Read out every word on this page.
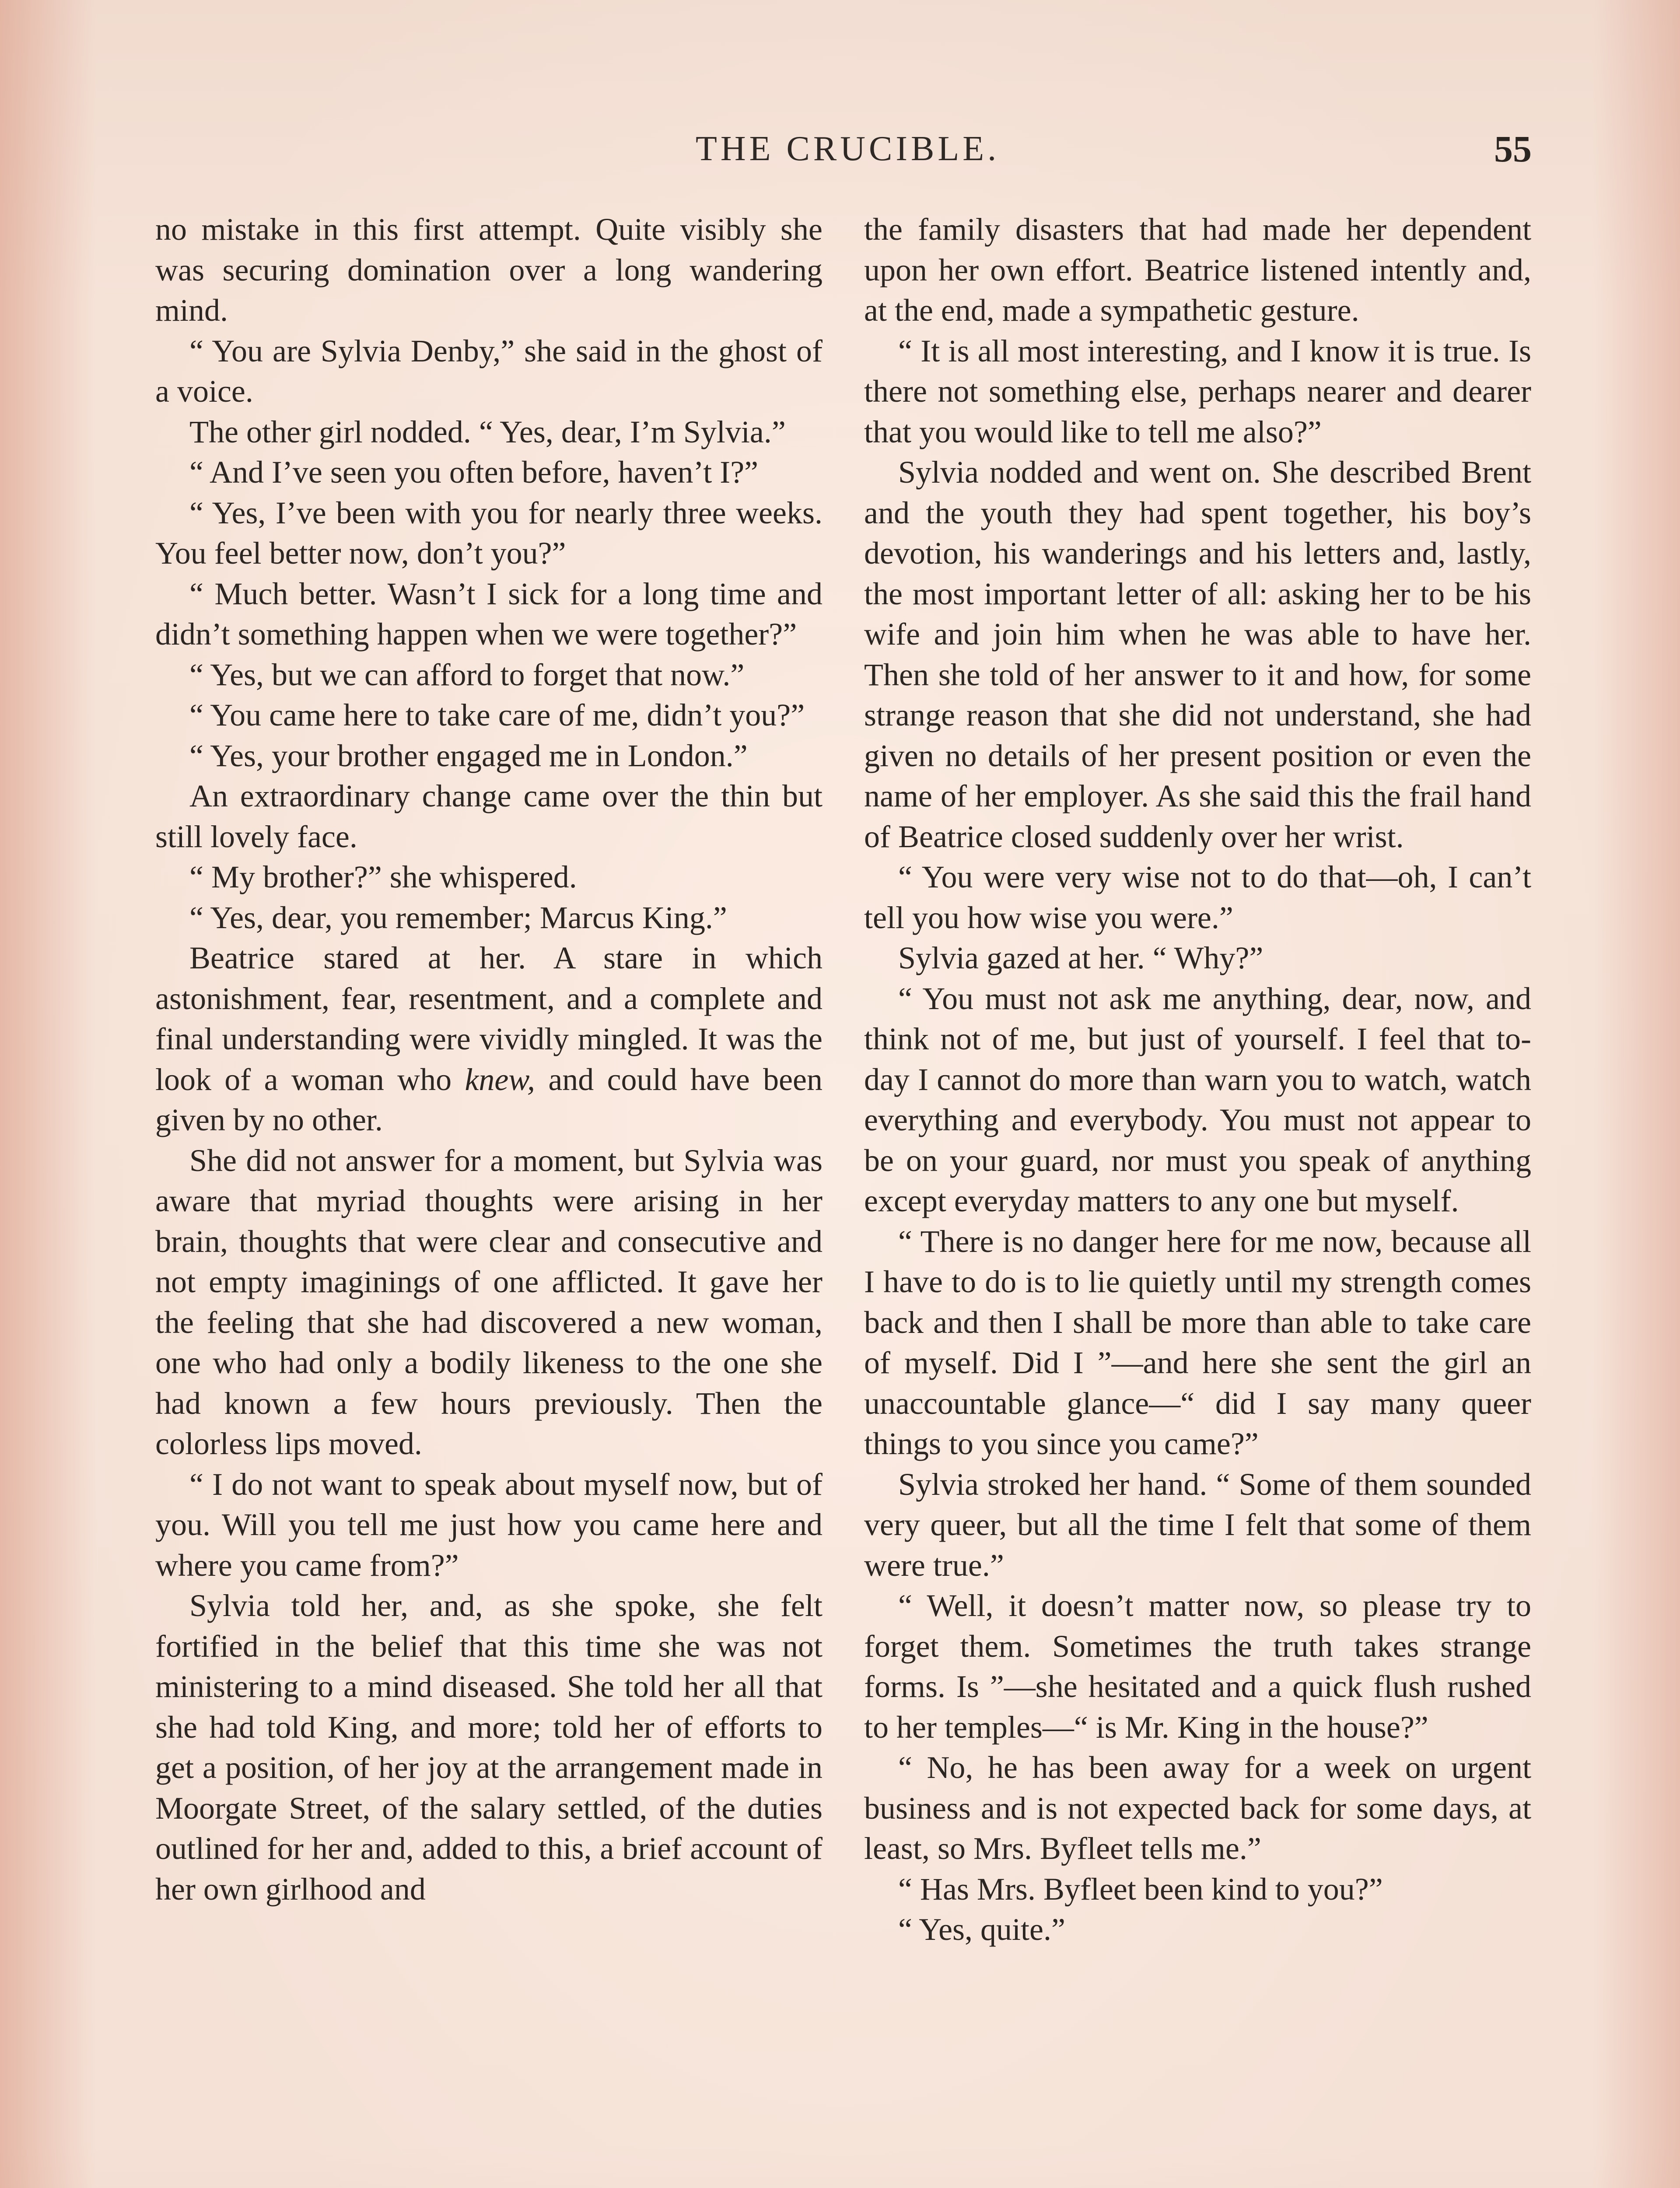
THE CRUCIBLE.	55

no mistake in this first attempt. Quite visibly she was securing domination over a long wandering mind.

“ You are Sylvia Denby,” she said in the ghost of a voice.

The other girl nodded. “ Yes, dear, I’m Sylvia.”

“ And I’ve seen you often before, haven’t I?”

“ Yes, I’ve been with you for nearly three weeks. You feel better now, don’t you?”

“ Much better. Wasn’t I sick for a long time and didn’t something happen when we were together?”

“ Yes, but we can afford to forget that now.”

“ You came here to take care of me, didn’t you?”

“ Yes, your brother engaged me in London.”

An extraordinary change came over the thin but still lovely face.

“ My brother?” she whispered.

“ Yes, dear, you remember; Marcus King.”

Beatrice stared at her. A stare in which astonishment, fear, resentment, and a complete and final understanding were vividly mingled. It was the look of a woman who knew, and could have been given by no other.

She did not answer for a moment, but Sylvia was aware that myriad thoughts were arising in her brain, thoughts that were clear and consecutive and not empty imaginings of one afflicted. It gave her the feeling that she had discovered a new woman, one who had only a bodily likeness to the one she had known a few hours previously. Then the colorless lips moved.

“ I do not want to speak about myself now, but of you. Will you tell me just how you came here and where you came from?”

Sylvia told her, and, as she spoke, she felt fortified in the belief that this time she was not ministering to a mind diseased. She told her all that she had told King, and more; told her of efforts to get a position, of her joy at the arrangement made in Moorgate Street, of the salary settled, of the duties outlined for her and, added to this, a brief account of her own girlhood and

the family disasters that had made her dependent upon her own effort. Beatrice listened intently and, at the end, made a sympathetic gesture.

“ It is all most interesting, and I know it is true. Is there not something else, perhaps nearer and dearer that you would like to tell me also?”

Sylvia nodded and went on. She described Brent and the youth they had spent together, his boy’s devotion, his wanderings and his letters and, lastly, the most important letter of all: asking her to be his wife and join him when he was able to have her. Then she told of her answer to it and how, for some strange reason that she did not understand, she had given no details of her present position or even the name of her employer. As she said this the frail hand of Beatrice closed suddenly over her wrist.

“ You were very wise not to do that—oh, I can’t tell you how wise you were.”

Sylvia gazed at her. “ Why?”

“ You must not ask me anything, dear, now, and think not of me, but just of yourself. I feel that to-day I cannot do more than warn you to watch, watch everything and everybody. You must not appear to be on your guard, nor must you speak of anything except everyday matters to any one but myself.

“ There is no danger here for me now, because all I have to do is to lie quietly until my strength comes back and then I shall be more than able to take care of myself. Did I ”—and here she sent the girl an unaccountable glance—“ did I say many queer things to you since you came?”

Sylvia stroked her hand. “ Some of them sounded very queer, but all the time I felt that some of them were true.”

“ Well, it doesn’t matter now, so please try to forget them. Sometimes the truth takes strange forms. Is ”—she hesitated and a quick flush rushed to her temples—“ is Mr. King in the house?”

“ No, he has been away for a week on urgent business and is not expected back for some days, at least, so Mrs. Byfleet tells me.”

“ Has Mrs. Byfleet been kind to you?”

“ Yes, quite.”
